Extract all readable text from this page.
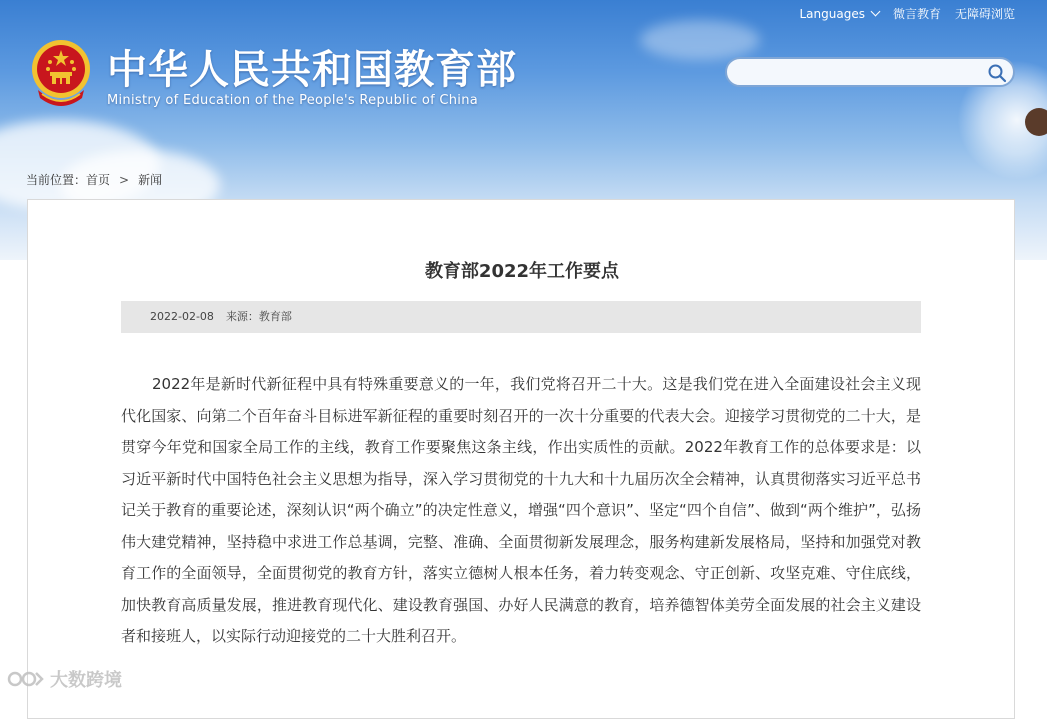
中华人民共和国教育部
Ministry of Education of the People's Republic of China
Languages 微言教育 无障碍浏览
当前位置：首页 > 新闻
教育部2022年工作要点
2022-02-08 来源：教育部

2022年是新时代新征程中具有特殊重要意义的一年，我们党将召开二十大。这是我们党在进入全面建设社会主义现代化国家、向第二个百年奋斗目标进军新征程的重要时刻召开的一次十分重要的代表大会。迎接学习贯彻党的二十大，是贯穿今年党和国家全局工作的主线，教育工作要聚焦这条主线，作出实质性的贡献。2022年教育工作的总体要求是：以习近平新时代中国特色社会主义思想为指导，深入学习贯彻党的十九大和十九届历次全会精神，认真贯彻落实习近平总书记关于教育的重要论述，深刻认识“两个确立”的决定性意义，增强“四个意识”、坚定“四个自信”、做到“两个维护”，弘扬伟大建党精神，坚持稳中求进工作总基调，完整、准确、全面贯彻新发展理念，服务构建新发展格局，坚持和加强党对教育工作的全面领导，全面贯彻党的教育方针，落实立德树人根本任务，着力转变观念、守正创新、攻坚克难、守住底线，加快教育高质量发展，推进教育现代化、建设教育强国、办好人民满意的教育，培养德智体美劳全面发展的社会主义建设者和接班人，以实际行动迎接党的二十大胜利召开。

大数跨境
